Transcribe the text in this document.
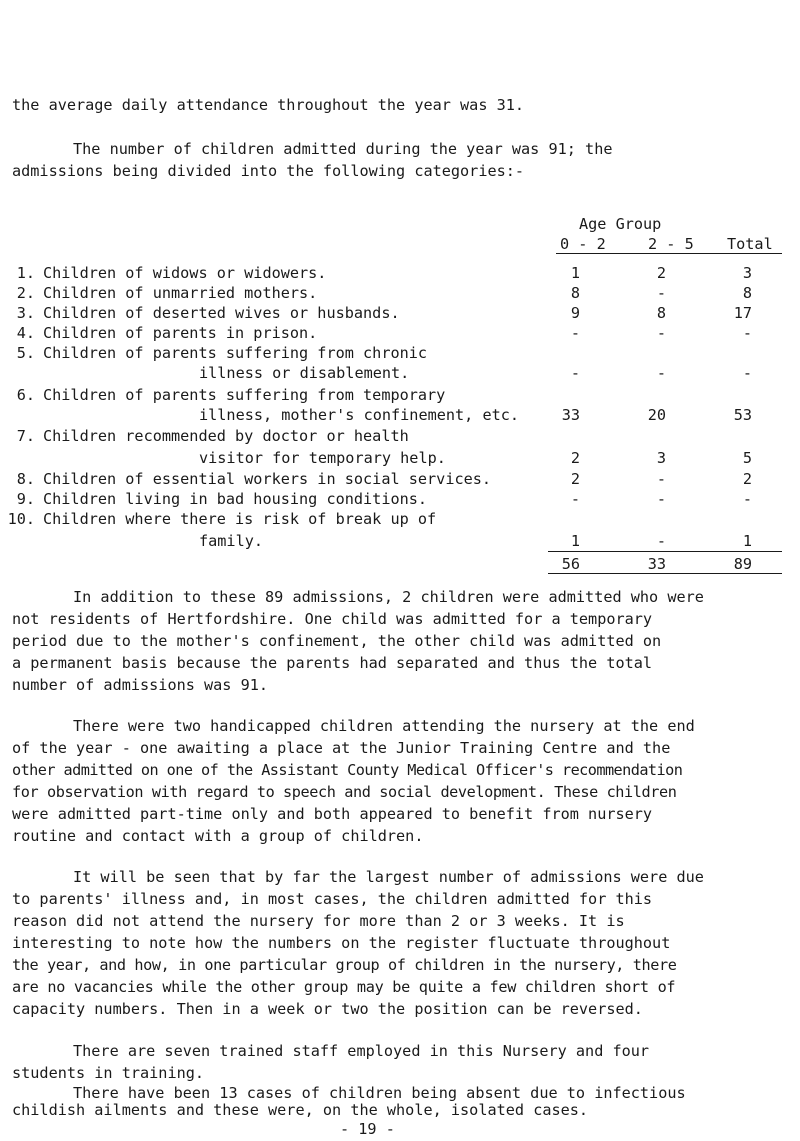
the average daily attendance throughout the year was 31.
The number of children admitted during the year was 91; the
admissions being divided into the following categories:-
Age Group
0 - 2	2 - 5 Total
1. Children of widows or widowers.	1	2	3
2. Children of unmarried mothers.	8	-	8
3. Children of deserted wives or husbands.	9	8	17
4. Children of parents in prison.	-	-	-
5. Children of parents suffering from chronic
illness or disablement.	-	-	-
6. Children of parents suffering from temporary
illness, mother's confinement, etc.	33	20	53
7. Children recommended by doctor or health
visitor for temporary help.	2	3	5
8. Children of essential workers in social services.	2	-	2
9. Children living in bad housing conditions.	-	-	-
10. Children where there is risk of break up of
family.	1	-	1
56	33	89
In addition to these 89 admissions, 2 children were admitted who were
not residents of Hertfordshire. One child was admitted for a temporary
period due to the mother's confinement, the other child was admitted on
a permanent basis because the parents had separated and thus the total
number of admissions was 91.
There were two handicapped children attending the nursery at the end
of the year - one awaiting a place at the Junior Training Centre and the
other admitted on one of the Assistant County Medical Officer's recommendation
for observation with regard to speech and social development. These children
were admitted part-time only and both appeared to benefit from nursery
routine and contact with a group of children.
It will be seen that by far the largest number of admissions were due
to parents' illness and, in most cases, the children admitted for this
reason did not attend the nursery for more than 2 or 3 weeks. It is
interesting to note how the numbers on the register fluctuate throughout
the year, and how, in one particular group of children in the nursery, there
are no vacancies while the other group may be quite a few children short of
capacity numbers. Then in a week or two the position can be reversed.
There are seven trained staff employed in this Nursery and four
students in training.
There have been 13 cases of children being absent due to infectious
childish ailments and these were, on the whole, isolated cases.
- 19 -
